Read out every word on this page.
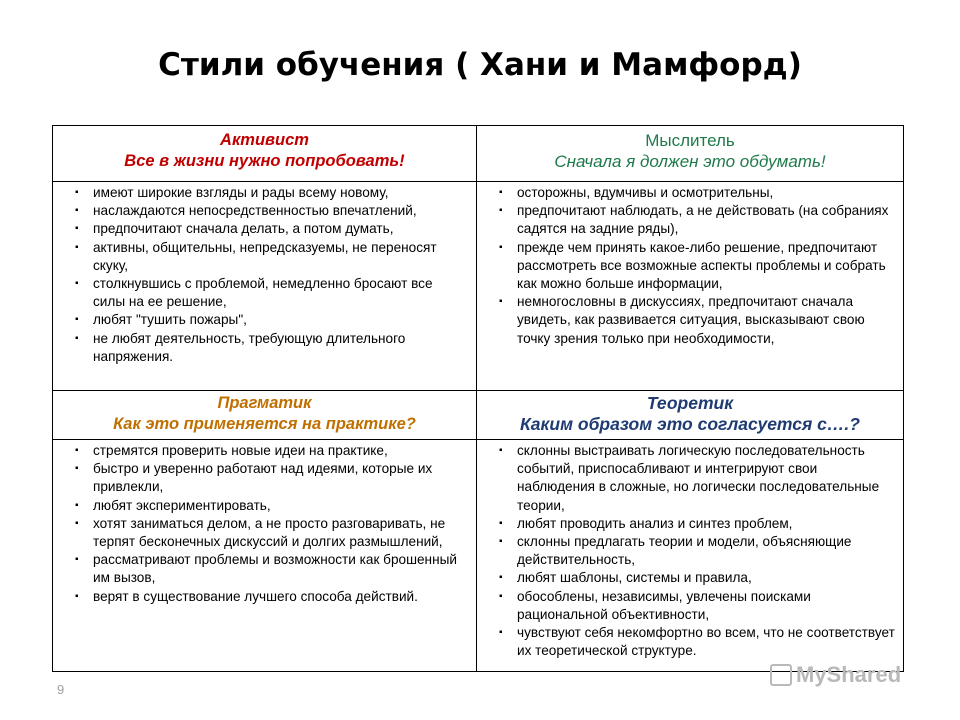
Стили обучения ( Хани и Мамфорд)
Активист
Все в жизни нужно попробовать!
Мыслитель
Сначала я должен это обдумать!
▪ имеют широкие взгляды и рады всему новому,
▪ наслаждаются непосредственностью впечатлений,
▪ предпочитают сначала делать, а потом думать,
▪ активны, общительны, непредсказуемы, не переносят скуку,
▪ столкнувшись с проблемой, немедленно бросают все силы на ее решение,
▪ любят "тушить пожары",
▪ не любят деятельность, требующую длительного напряжения.
▪ осторожны, вдумчивы и осмотрительны,
▪ предпочитают наблюдать, а не действовать (на собраниях садятся на задние ряды),
▪ прежде чем принять какое-либо решение, предпочитают рассмотреть все возможные аспекты проблемы и собрать как можно больше информации,
▪ немногословны в дискуссиях, предпочитают сначала увидеть, как развивается ситуация, высказывают свою точку зрения только при необходимости,
Прагматик
Как это применяется на практике?
Теоретик
Каким образом это согласуется с….?
▪ стремятся проверить новые идеи на практике,
▪ быстро и уверенно работают над идеями, которые их привлекли,
▪ любят экспериментировать,
▪ хотят заниматься делом, а не просто разговаривать, не терпят бесконечных дискуссий и долгих размышлений,
▪ рассматривают проблемы и возможности как брошенный им вызов,
▪ верят в существование лучшего способа действий.
▪ склонны выстраивать логическую последовательность событий, приспосабливают и интегрируют свои наблюдения в сложные, но логически последовательные теории,
▪ любят проводить анализ и синтез проблем,
▪ склонны предлагать теории и модели, объясняющие действительность,
▪ любят шаблоны, системы и правила,
▪ обособлены, независимы, увлечены поисками рациональной объективности,
▪ чувствуют себя некомфортно во всем, что не соответствует их теоретической структуре.
9
MyShared
